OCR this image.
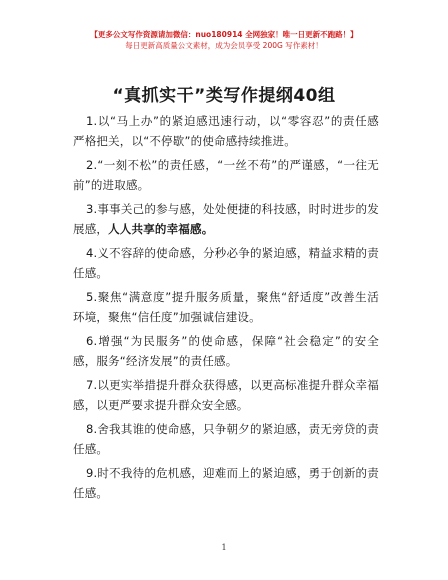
【更多公文写作资源请加微信：nuo180914 全网独家！唯一日更新不跑路！】
每日更新高质量公文素材，成为会员享受 200G 写作素材！
“真抓实干”类写作提纲40组

1.以“马上办”的紧迫感迅速行动，以“零容忍”的责任感严格把关，以“不停歇”的使命感持续推进。

2.“一刻不松”的责任感，“一丝不苟”的严谨感，“一往无前”的进取感。

3.事事关己的参与感，处处便捷的科技感，时时进步的发展感，人人共享的幸福感。

4.义不容辞的使命感，分秒必争的紧迫感，精益求精的责任感。

5.聚焦“满意度”提升服务质量，聚焦“舒适度”改善生活环境，聚焦“信任度”加强诚信建设。

6.增强“为民服务”的使命感，保障“社会稳定”的安全感，服务“经济发展”的责任感。

7.以更实举措提升群众获得感，以更高标准提升群众幸福感，以更严要求提升群众安全感。

8.舍我其谁的使命感，只争朝夕的紧迫感，责无旁贷的责任感。

9.时不我待的危机感，迎难而上的紧迫感，勇于创新的责任感。

1
